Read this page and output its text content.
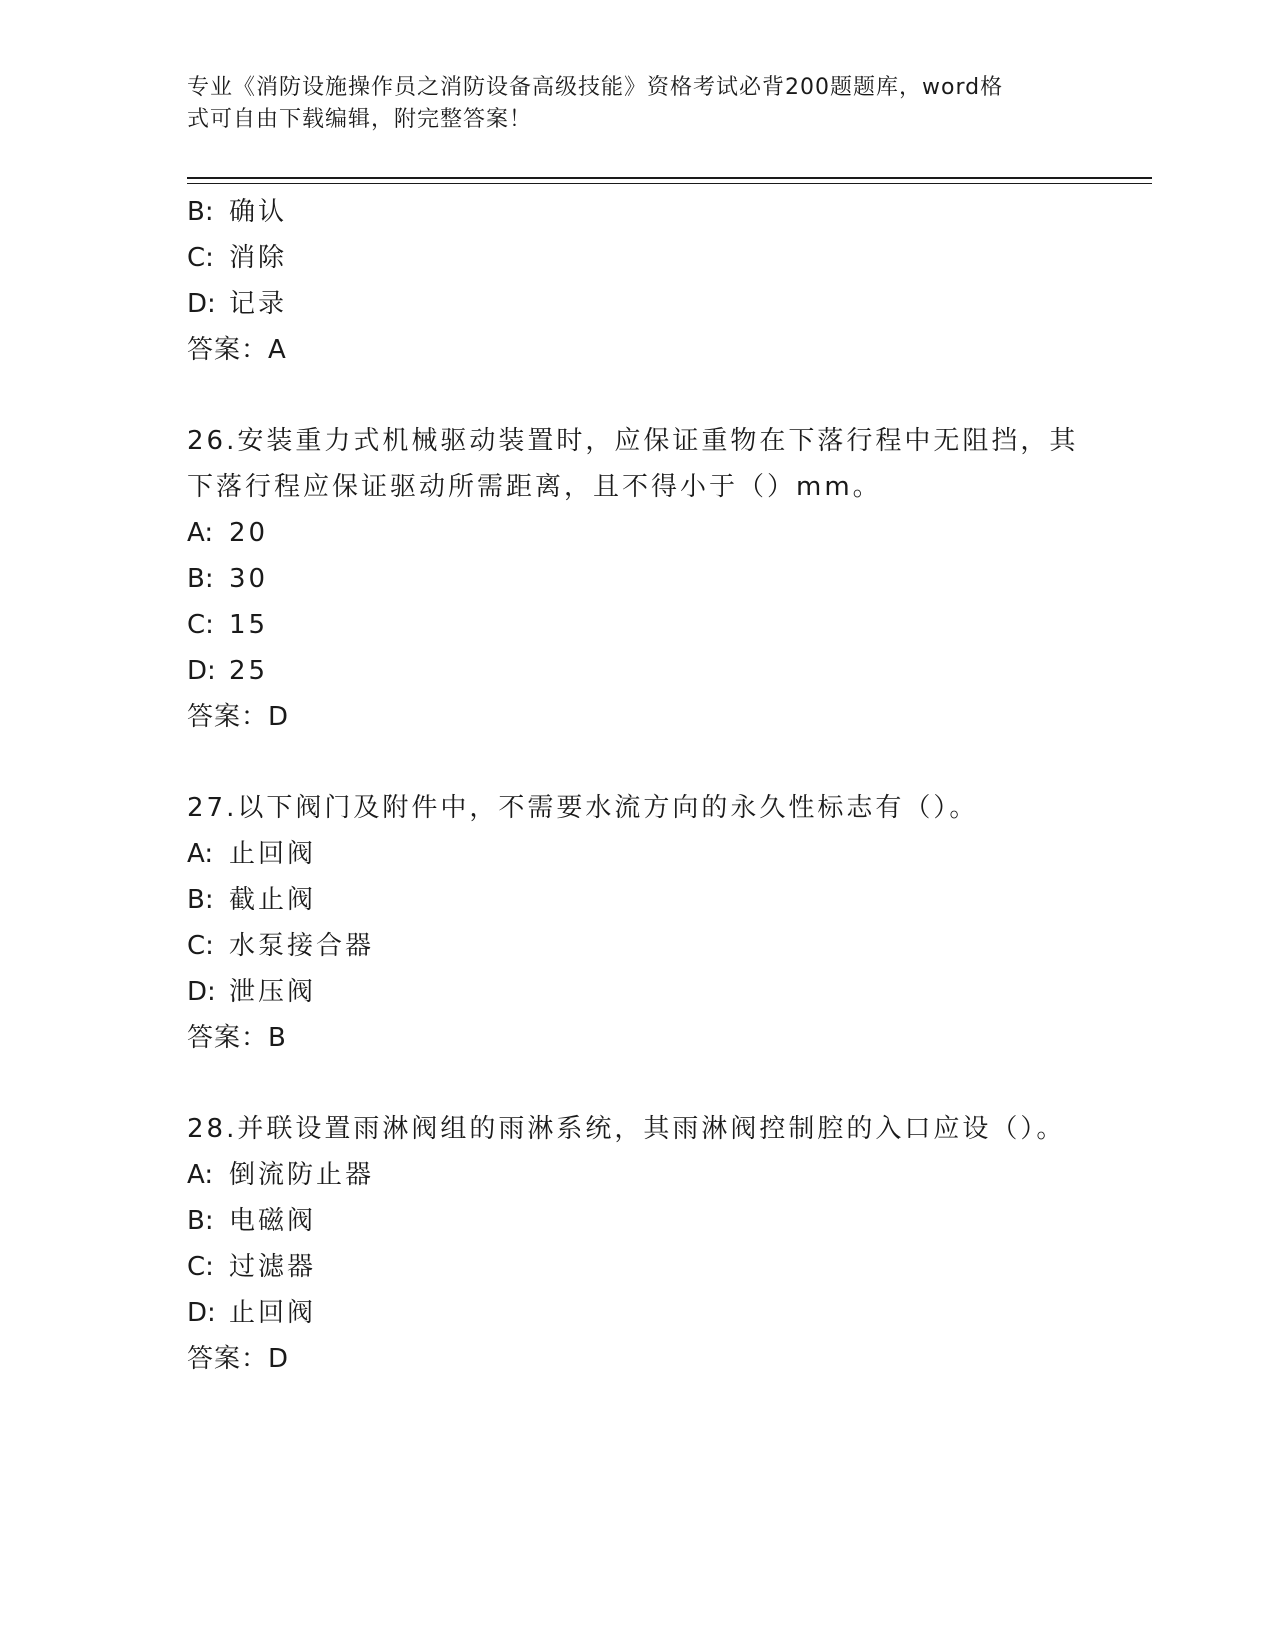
专业《消防设施操作员之消防设备高级技能》资格考试必背200题题库，word格
式可自由下载编辑，附完整答案！
B: 确认
C: 消除
D: 记录
答案：A
26.安装重力式机械驱动装置时，应保证重物在下落行程中无阻挡，其
下落行程应保证驱动所需距离，且不得小于（）mm。
A: 20
B: 30
C: 15
D: 25
答案：D
27.以下阀门及附件中，不需要水流方向的永久性标志有（）。
A: 止回阀
B: 截止阀
C: 水泵接合器
D: 泄压阀
答案：B
28.并联设置雨淋阀组的雨淋系统，其雨淋阀控制腔的入口应设（）。
A: 倒流防止器
B: 电磁阀
C: 过滤器
D: 止回阀
答案：D
